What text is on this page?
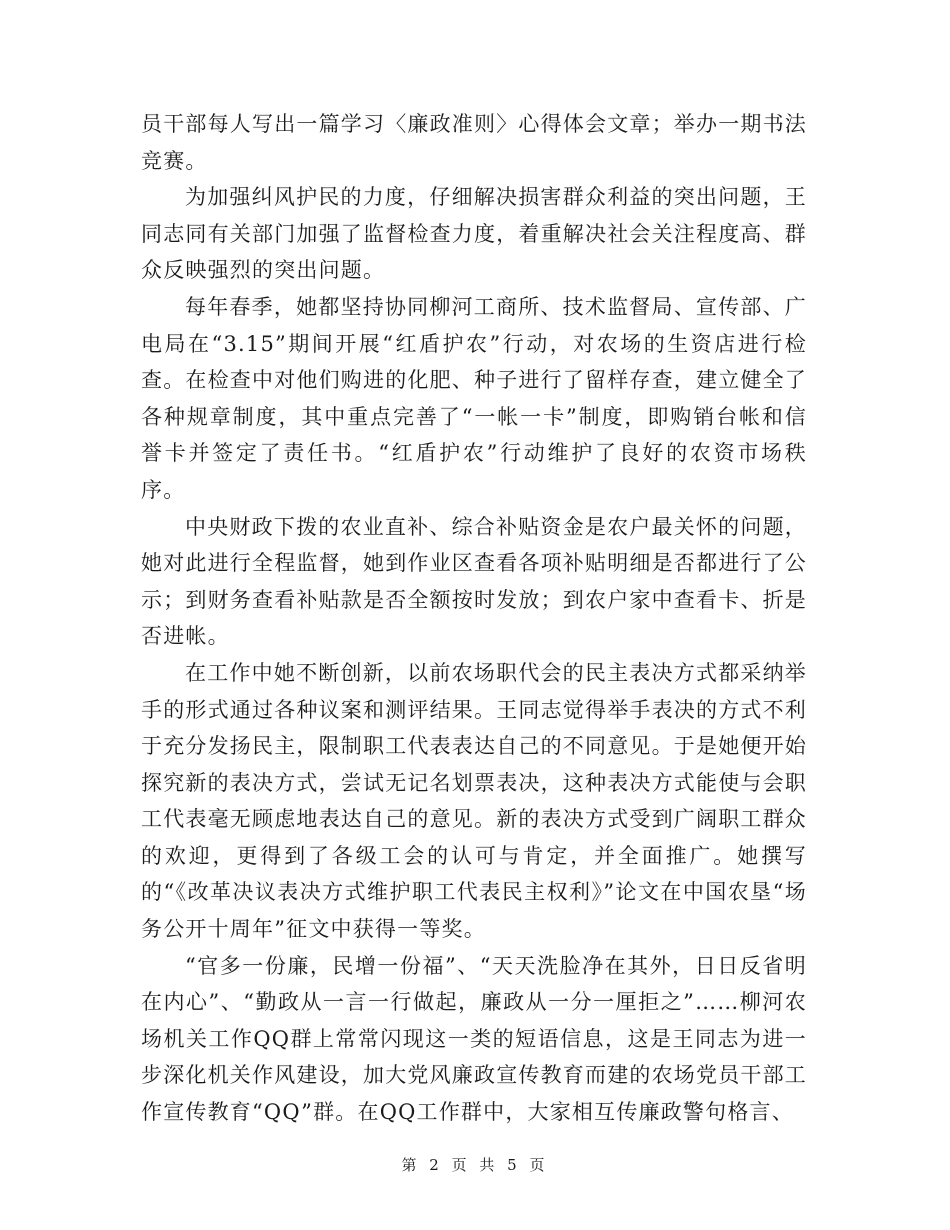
员干部每人写出一篇学习〈廉政准则〉心得体会文章；举办一期书法竞赛。

为加强纠风护民的力度，仔细解决损害群众利益的突出问题，王同志同有关部门加强了监督检查力度，着重解决社会关注程度高、群众反映强烈的突出问题。

每年春季，她都坚持协同柳河工商所、技术监督局、宣传部、广电局在“3.15”期间开展“红盾护农”行动，对农场的生资店进行检查。在检查中对他们购进的化肥、种子进行了留样存查，建立健全了各种规章制度，其中重点完善了“一帐一卡”制度，即购销台帐和信誉卡并签定了责任书。“红盾护农”行动维护了良好的农资市场秩序。

中央财政下拨的农业直补、综合补贴资金是农户最关怀的问题，她对此进行全程监督，她到作业区查看各项补贴明细是否都进行了公示；到财务查看补贴款是否全额按时发放；到农户家中查看卡、折是否进帐。

在工作中她不断创新，以前农场职代会的民主表决方式都采纳举手的形式通过各种议案和测评结果。王同志觉得举手表决的方式不利于充分发扬民主，限制职工代表表达自己的不同意见。于是她便开始探究新的表决方式，尝试无记名划票表决，这种表决方式能使与会职工代表毫无顾虑地表达自己的意见。新的表决方式受到广阔职工群众的欢迎，更得到了各级工会的认可与肯定，并全面推广。她撰写的“《改革决议表决方式维护职工代表民主权利》”论文在中国农垦“场务公开十周年”征文中获得一等奖。

“官多一份廉，民增一份福”、“天天洗脸净在其外，日日反省明在内心”、“勤政从一言一行做起，廉政从一分一厘拒之”……柳河农场机关工作QQ群上常常闪现这一类的短语信息，这是王同志为进一步深化机关作风建设，加大党风廉政宣传教育而建的农场党员干部工作宣传教育“QQ”群。在QQ工作群中，大家相互传廉政警句格言、

第 2 页 共 5 页
